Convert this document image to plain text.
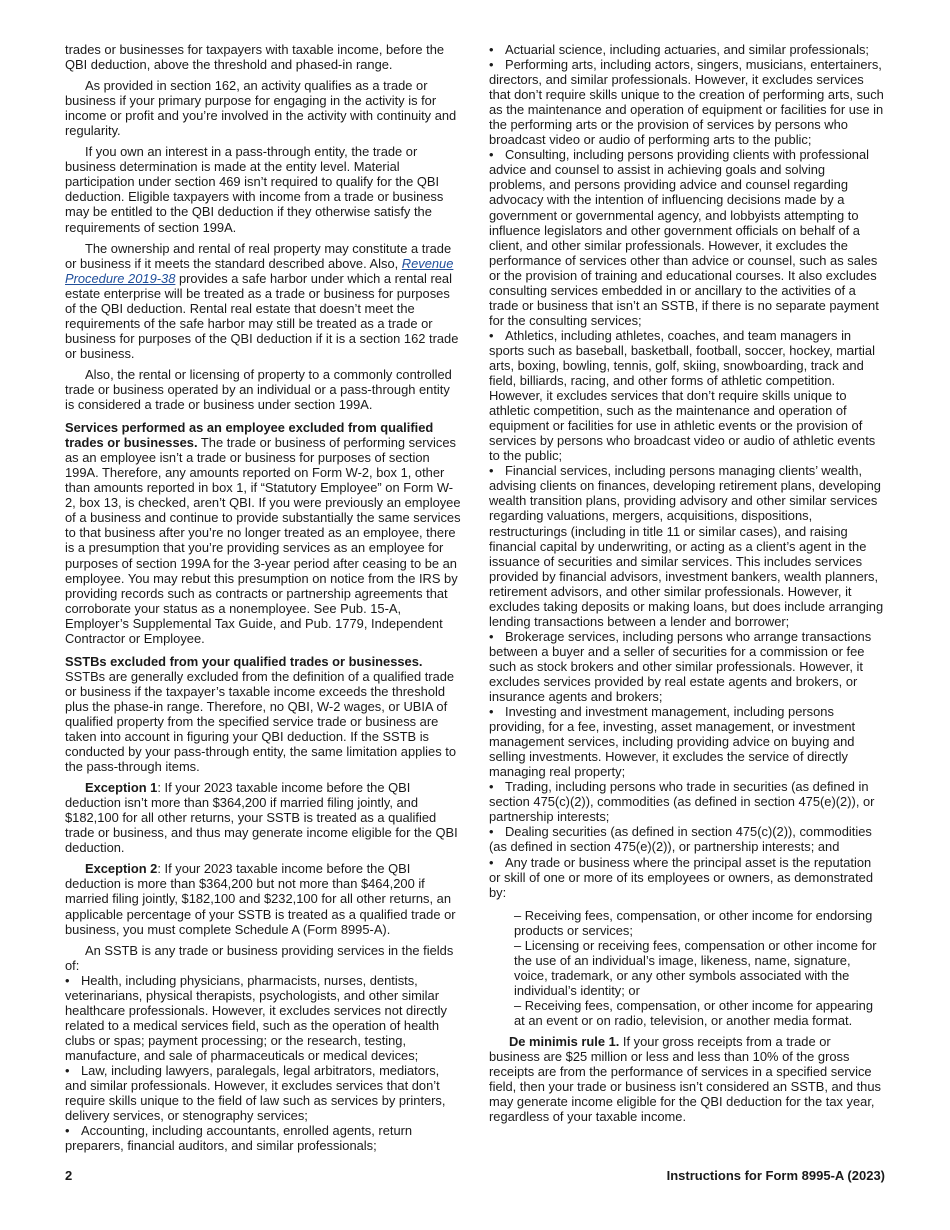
trades or businesses for taxpayers with taxable income, before the QBI deduction, above the threshold and phased-in range.

As provided in section 162, an activity qualifies as a trade or business if your primary purpose for engaging in the activity is for income or profit and you’re involved in the activity with continuity and regularity.

If you own an interest in a pass-through entity, the trade or business determination is made at the entity level. Material participation under section 469 isn’t required to qualify for the QBI deduction. Eligible taxpayers with income from a trade or business may be entitled to the QBI deduction if they otherwise satisfy the requirements of section 199A.

The ownership and rental of real property may constitute a trade or business if it meets the standard described above. Also, Revenue Procedure 2019-38 provides a safe harbor under which a rental real estate enterprise will be treated as a trade or business for purposes of the QBI deduction. Rental real estate that doesn’t meet the requirements of the safe harbor may still be treated as a trade or business for purposes of the QBI deduction if it is a section 162 trade or business.

Also, the rental or licensing of property to a commonly controlled trade or business operated by an individual or a pass-through entity is considered a trade or business under section 199A.

Services performed as an employee excluded from qualified trades or businesses. The trade or business of performing services as an employee isn’t a trade or business for purposes of section 199A. Therefore, any amounts reported on Form W-2, box 1, other than amounts reported in box 1, if “Statutory Employee” on Form W-2, box 13, is checked, aren’t QBI. If you were previously an employee of a business and continue to provide substantially the same services to that business after you’re no longer treated as an employee, there is a presumption that you’re providing services as an employee for purposes of section 199A for the 3-year period after ceasing to be an employee. You may rebut this presumption on notice from the IRS by providing records such as contracts or partnership agreements that corroborate your status as a nonemployee. See Pub. 15-A, Employer’s Supplemental Tax Guide, and Pub. 1779, Independent Contractor or Employee.

SSTBs excluded from your qualified trades or businesses.

SSTBs are generally excluded from the definition of a qualified trade or business if the taxpayer’s taxable income exceeds the threshold plus the phase-in range. Therefore, no QBI, W-2 wages, or UBIA of qualified property from the specified service trade or business are taken into account in figuring your QBI deduction. If the SSTB is conducted by your pass-through entity, the same limitation applies to the pass-through items.

Exception 1: If your 2023 taxable income before the QBI deduction isn’t more than $364,200 if married filing jointly, and $182,100 for all other returns, your SSTB is treated as a qualified trade or business, and thus may generate income eligible for the QBI deduction.

Exception 2: If your 2023 taxable income before the QBI deduction is more than $364,200 but not more than $464,200 if married filing jointly, $182,100 and $232,100 for all other returns, an applicable percentage of your SSTB is treated as a qualified trade or business, you must complete Schedule A (Form 8995-A).

An SSTB is any trade or business providing services in the fields of:

• Health, including physicians, pharmacists, nurses, dentists, veterinarians, physical therapists, psychologists, and other similar healthcare professionals. However, it excludes services not directly related to a medical services field, such as the operation of health clubs or spas; payment processing; or the research, testing, manufacture, and sale of pharmaceuticals or medical devices;

• Law, including lawyers, paralegals, legal arbitrators, mediators, and similar professionals. However, it excludes services that don’t require skills unique to the field of law such as services by printers, delivery services, or stenography services;

• Accounting, including accountants, enrolled agents, return preparers, financial auditors, and similar professionals;

• Actuarial science, including actuaries, and similar professionals;

• Performing arts, including actors, singers, musicians, entertainers, directors, and similar professionals. However, it excludes services that don’t require skills unique to the creation of performing arts, such as the maintenance and operation of equipment or facilities for use in the performing arts or the provision of services by persons who broadcast video or audio of performing arts to the public;

• Consulting, including persons providing clients with professional advice and counsel to assist in achieving goals and solving problems, and persons providing advice and counsel regarding advocacy with the intention of influencing decisions made by a government or governmental agency, and lobbyists attempting to influence legislators and other government officials on behalf of a client, and other similar professionals. However, it excludes the performance of services other than advice or counsel, such as sales or the provision of training and educational courses. It also excludes consulting services embedded in or ancillary to the activities of a trade or business that isn’t an SSTB, if there is no separate payment for the consulting services;

• Athletics, including athletes, coaches, and team managers in sports such as baseball, basketball, football, soccer, hockey, martial arts, boxing, bowling, tennis, golf, skiing, snowboarding, track and field, billiards, racing, and other forms of athletic competition. However, it excludes services that don’t require skills unique to athletic competition, such as the maintenance and operation of equipment or facilities for use in athletic events or the provision of services by persons who broadcast video or audio of athletic events to the public;

• Financial services, including persons managing clients’ wealth, advising clients on finances, developing retirement plans, developing wealth transition plans, providing advisory and other similar services regarding valuations, mergers, acquisitions, dispositions, restructurings (including in title 11 or similar cases), and raising financial capital by underwriting, or acting as a client’s agent in the issuance of securities and similar services. This includes services provided by financial advisors, investment bankers, wealth planners, retirement advisors, and other similar professionals. However, it excludes taking deposits or making loans, but does include arranging lending transactions between a lender and borrower;

• Brokerage services, including persons who arrange transactions between a buyer and a seller of securities for a commission or fee such as stock brokers and other similar professionals. However, it excludes services provided by real estate agents and brokers, or insurance agents and brokers;

• Investing and investment management, including persons providing, for a fee, investing, asset management, or investment management services, including providing advice on buying and selling investments. However, it excludes the service of directly managing real property;

• Trading, including persons who trade in securities (as defined in section 475(c)(2)), commodities (as defined in section 475(e)(2)), or partnership interests;

• Dealing securities (as defined in section 475(c)(2)), commodities (as defined in section 475(e)(2)), or partnership interests; and

• Any trade or business where the principal asset is the reputation or skill of one or more of its employees or owners, as demonstrated by:

– Receiving fees, compensation, or other income for endorsing products or services;

– Licensing or receiving fees, compensation or other income for the use of an individual’s image, likeness, name, signature, voice, trademark, or any other symbols associated with the individual’s identity; or

– Receiving fees, compensation, or other income for appearing at an event or on radio, television, or another media format.

De minimis rule 1. If your gross receipts from a trade or business are $25 million or less and less than 10% of the gross receipts are from the performance of services in a specified service field, then your trade or business isn’t considered an SSTB, and thus may generate income eligible for the QBI deduction for the tax year, regardless of your taxable income.

2	Instructions for Form 8995-A (2023)
